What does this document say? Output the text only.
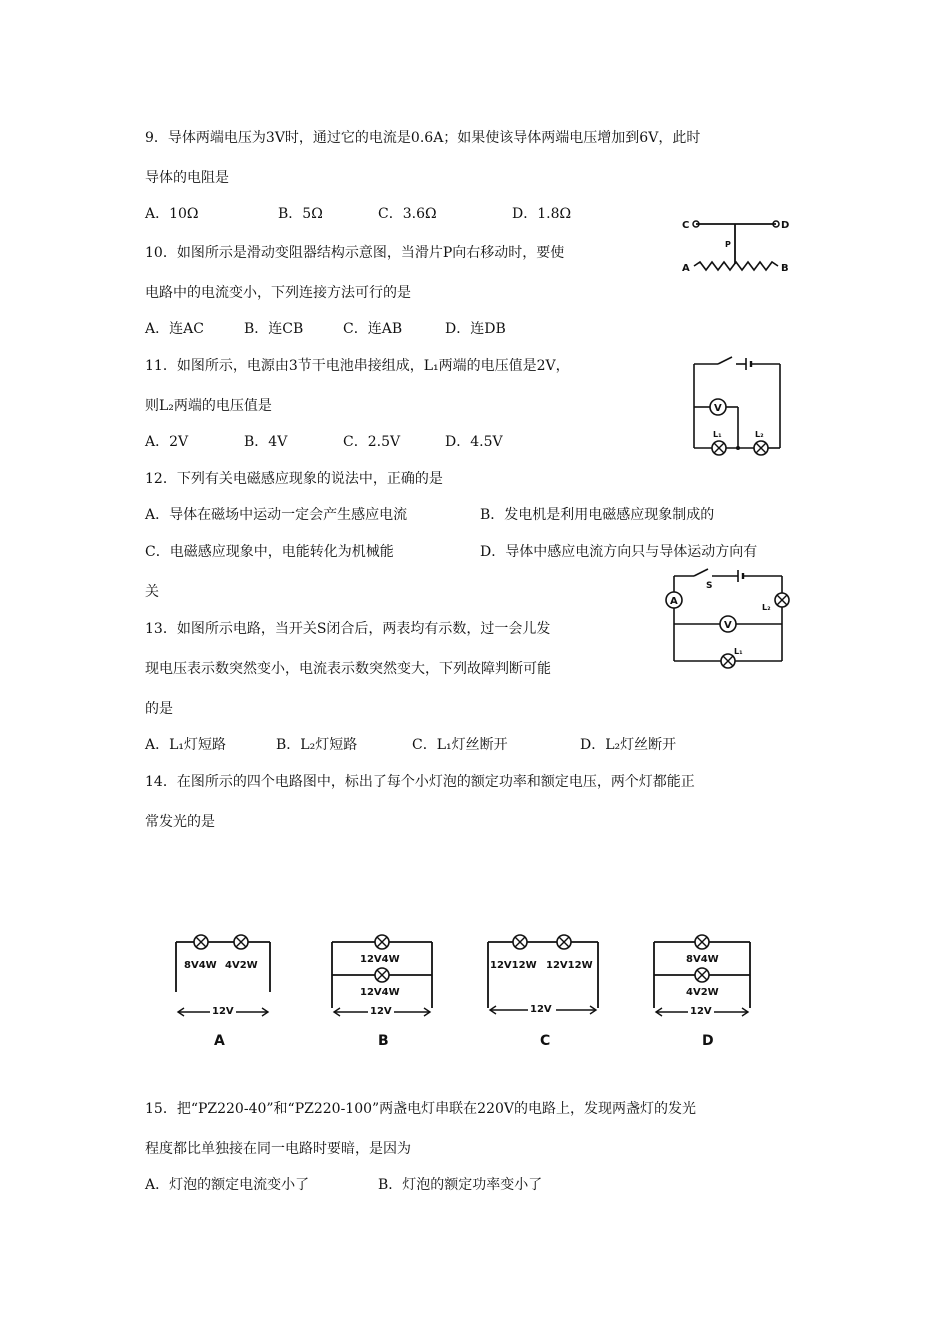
9．导体两端电压为3V时，通过它的电流是0.6A；如果使该导体两端电压增加到6V，此时
导体的电阻是
A．10Ω	B．5Ω	C．3.6Ω	D．1.8Ω
10．如图所示是滑动变阻器结构示意图，当滑片P向右移动时，要使
电路中的电流变小，下列连接方法可行的是
A．连AC	B．连CB	C．连AB	D．连DB
C	D
P
A	B
11．如图所示，电源由3节干电池串接组成，L₁两端的电压值是2V，
则L₂两端的电压值是
A．2V	B．4V	C．2.5V	D．4.5V
V
L₁	L₂
12．下列有关电磁感应现象的说法中，正确的是
A．导体在磁场中运动一定会产生感应电流	B．发电机是利用电磁感应现象制成的
C．电磁感应现象中，电能转化为机械能	D．导体中感应电流方向只与导体运动方向有
关
13．如图所示电路，当开关S闭合后，两表均有示数，过一会儿发
现电压表示数突然变小，电流表示数突然变大，下列故障判断可能
的是
A．L₁灯短路	B．L₂灯短路	C．L₁灯丝断开	D．L₂灯丝断开
S
A
L₂
V
L₁
14．在图所示的四个电路图中，标出了每个小灯泡的额定功率和额定电压，两个灯都能正
常发光的是
8V4W 4V2W
12V
A
12V4W
12V4W
12V
B
12V12W 12V12W
12V
C
8V4W
4V2W
12V
D
15．把“PZ220-40”和“PZ220-100”两盏电灯串联在220V的电路上，发现两盏灯的发光
程度都比单独接在同一电路时要暗，是因为
A．灯泡的额定电流变小了	B．灯泡的额定功率变小了
